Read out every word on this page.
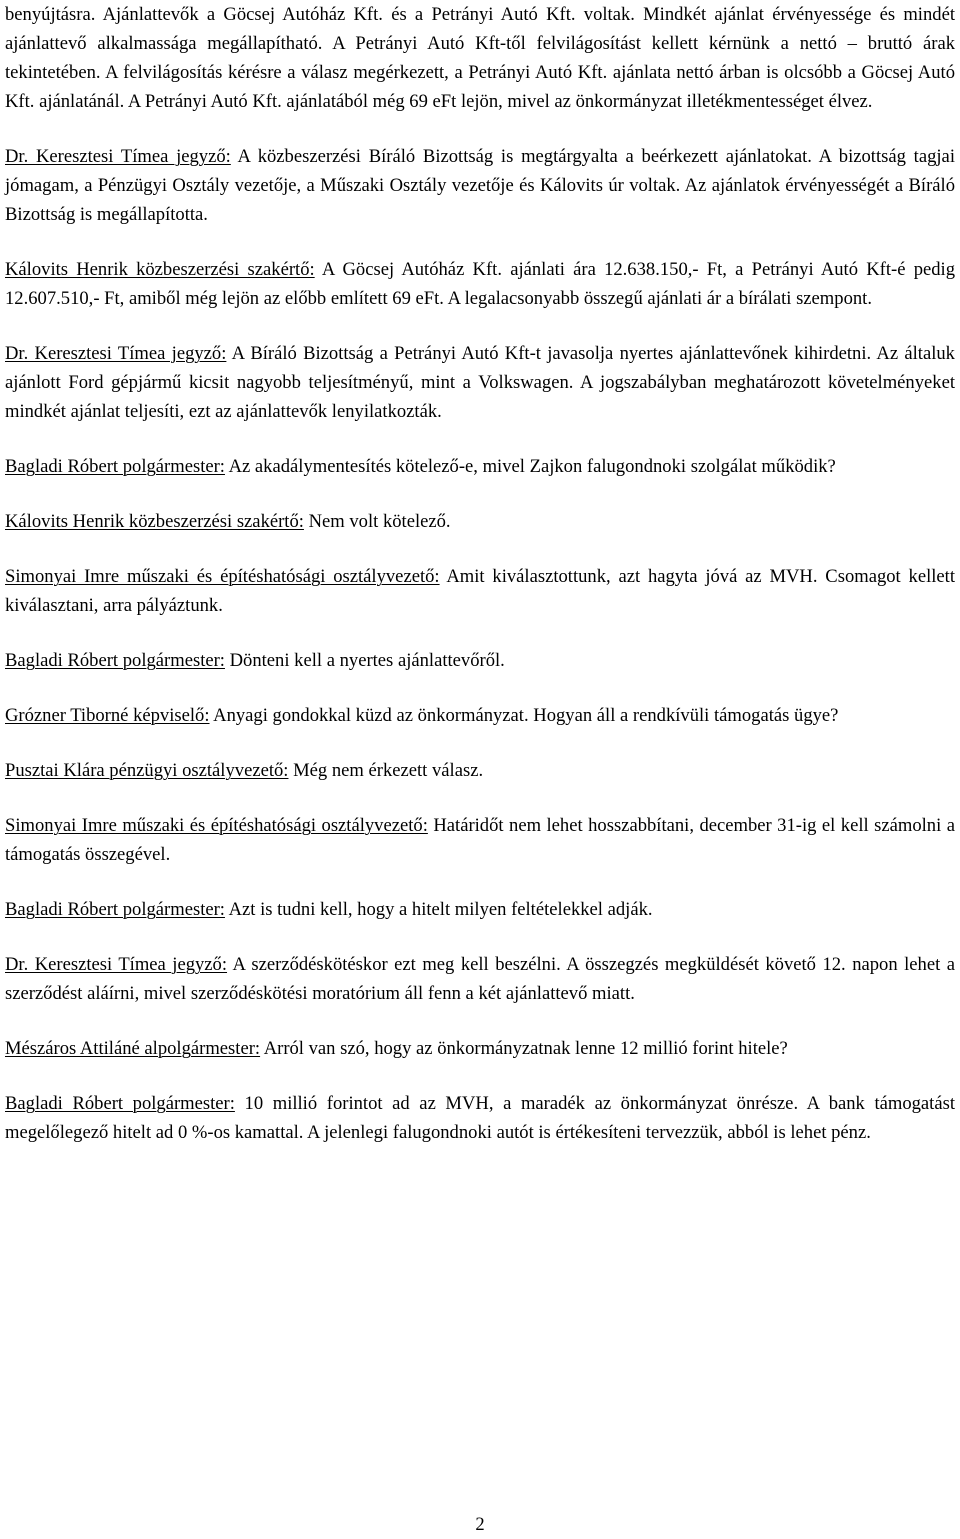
benyújtásra. Ajánlattevők a Göcsej Autóház Kft. és a Petrányi Autó Kft. voltak. Mindkét ajánlat érvényessége és mindét ajánlattevő alkalmassága megállapítható. A Petrányi Autó Kft-től felvilágosítást kellett kérnünk a nettó – bruttó árak tekintetében. A felvilágosítás kérésre a válasz megérkezett, a Petrányi Autó Kft. ajánlata nettó árban is olcsóbb a Göcsej Autó Kft. ajánlatánál. A Petrányi Autó Kft. ajánlatából még 69 eFt lejön, mivel az önkormányzat illetékmentességet élvez.

Dr. Keresztesi Tímea jegyző: A közbeszerzési Bíráló Bizottság is megtárgyalta a beérkezett ajánlatokat. A bizottság tagjai jómagam, a Pénzügyi Osztály vezetője, a Műszaki Osztály vezetője és Kálovits úr voltak. Az ajánlatok érvényességét a Bíráló Bizottság is megállapította.

Kálovits Henrik közbeszerzési szakértő: A Göcsej Autóház Kft. ajánlati ára 12.638.150,- Ft, a Petrányi Autó Kft-é pedig 12.607.510,- Ft, amiből még lejön az előbb említett 69 eFt. A legalacsonyabb összegű ajánlati ár a bírálati szempont.

Dr. Keresztesi Tímea jegyző: A Bíráló Bizottság a Petrányi Autó Kft-t javasolja nyertes ajánlattevőnek kihirdetni. Az általuk ajánlott Ford gépjármű kicsit nagyobb teljesítményű, mint a Volkswagen. A jogszabályban meghatározott követelményeket mindkét ajánlat teljesíti, ezt az ajánlattevők lenyilatkozták.

Bagladi Róbert polgármester: Az akadálymentesítés kötelező-e, mivel Zajkon falugondnoki szolgálat működik?

Kálovits Henrik közbeszerzési szakértő: Nem volt kötelező.

Simonyai Imre műszaki és építéshatósági osztályvezető: Amit kiválasztottunk, azt hagyta jóvá az MVH. Csomagot kellett kiválasztani, arra pályáztunk.

Bagladi Róbert polgármester: Dönteni kell a nyertes ajánlattevőről.

Grózner Tiborné képviselő: Anyagi gondokkal küzd az önkormányzat. Hogyan áll a rendkívüli támogatás ügye?

Pusztai Klára pénzügyi osztályvezető: Még nem érkezett válasz.

Simonyai Imre műszaki és építéshatósági osztályvezető: Határidőt nem lehet hosszabbítani, december 31-ig el kell számolni a támogatás összegével.

Bagladi Róbert polgármester: Azt is tudni kell, hogy a hitelt milyen feltételekkel adják.

Dr. Keresztesi Tímea jegyző: A szerződéskötéskor ezt meg kell beszélni. A összegzés megküldését követő 12. napon lehet a szerződést aláírni, mivel szerződéskötési moratórium áll fenn a két ajánlattevő miatt.

Mészáros Attiláné alpolgármester: Arról van szó, hogy az önkormányzatnak lenne 12 millió forint hitele?

Bagladi Róbert polgármester: 10 millió forintot ad az MVH, a maradék az önkormányzat önrésze. A bank támogatást megelőlegező hitelt ad 0 %-os kamattal. A jelenlegi falugondnoki autót is értékesíteni tervezzük, abból is lehet pénz.

2
